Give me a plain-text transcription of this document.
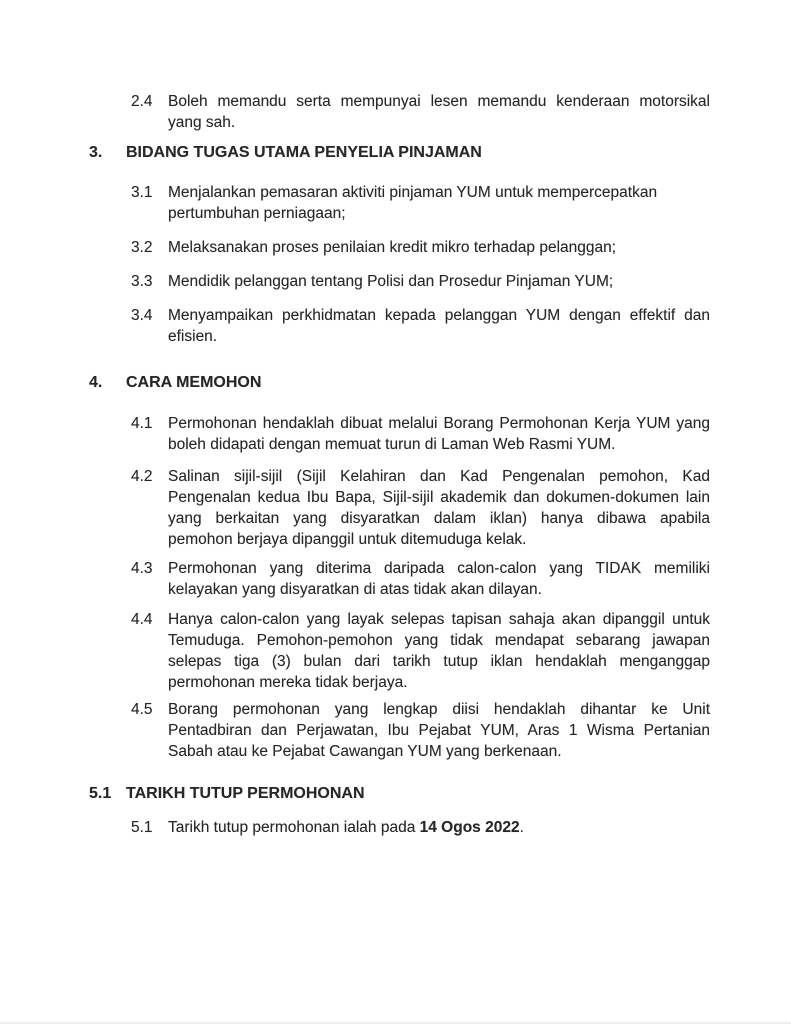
2.4 Boleh memandu serta mempunyai lesen memandu kenderaan motorsikal
yang sah.
3.	BIDANG TUGAS UTAMA PENYELIA PINJAMAN
3.1 Menjalankan pemasaran aktiviti pinjaman YUM untuk mempercepatkan
pertumbuhan perniagaan;
3.2 Melaksanakan proses penilaian kredit mikro terhadap pelanggan;
3.3 Mendidik pelanggan tentang Polisi dan Prosedur Pinjaman YUM;
3.4 Menyampaikan perkhidmatan kepada pelanggan YUM dengan effektif dan
efisien.
4.	CARA MEMOHON
4.1 Permohonan hendaklah dibuat melalui Borang Permohonan Kerja YUM yang
boleh didapati dengan memuat turun di Laman Web Rasmi YUM.
4.2 Salinan sijil-sijil (Sijil Kelahiran dan Kad Pengenalan pemohon, Kad
Pengenalan kedua Ibu Bapa, Sijil-sijil akademik dan dokumen-dokumen lain
yang berkaitan yang disyaratkan dalam iklan) hanya dibawa apabila
pemohon berjaya dipanggil untuk ditemuduga kelak.
4.3 Permohonan yang diterima daripada calon-calon yang TIDAK memiliki
kelayakan yang disyaratkan di atas tidak akan dilayan.
4.4 Hanya calon-calon yang layak selepas tapisan sahaja akan dipanggil untuk
Temuduga. Pemohon-pemohon yang tidak mendapat sebarang jawapan
selepas tiga (3) bulan dari tarikh tutup iklan hendaklah menganggap
permohonan mereka tidak berjaya.
4.5 Borang permohonan yang lengkap diisi hendaklah dihantar ke Unit
Pentadbiran dan Perjawatan, Ibu Pejabat YUM, Aras 1 Wisma Pertanian
Sabah atau ke Pejabat Cawangan YUM yang berkenaan.
5.1 TARIKH TUTUP PERMOHONAN
5.1 Tarikh tutup permohonan ialah pada 14 Ogos 2022.
